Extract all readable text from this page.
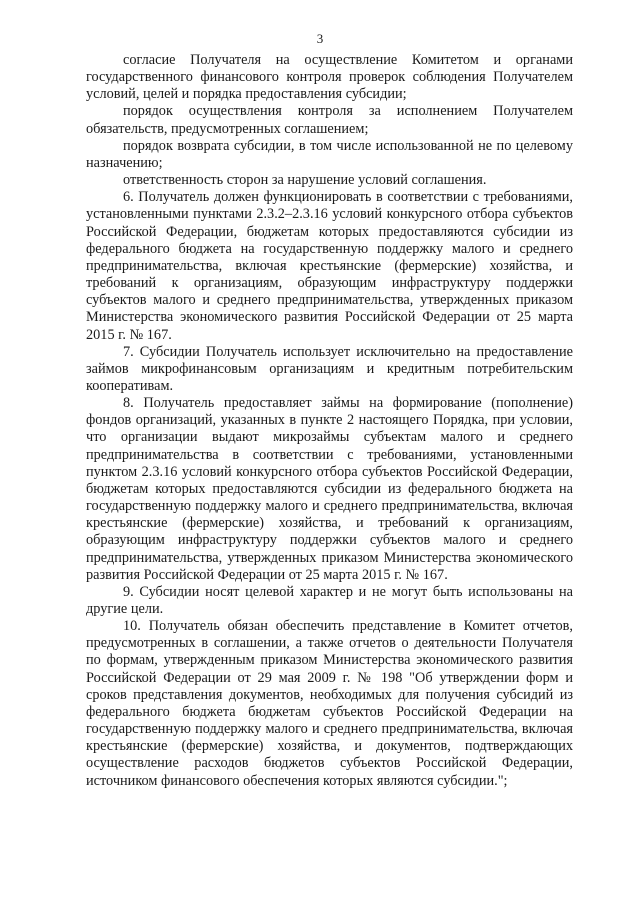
3

согласие Получателя на осуществление Комитетом и органами государственного финансового контроля проверок соблюдения Получателем условий, целей и порядка предоставления субсидии;

порядок осуществления контроля за исполнением Получателем обязательств, предусмотренных соглашением;

порядок возврата субсидии, в том числе использованной не по целевому назначению;

ответственность сторон за нарушение условий соглашения.

6. Получатель должен функционировать в соответствии с требованиями, установленными пунктами 2.3.2–2.3.16 условий конкурсного отбора субъектов Российской Федерации, бюджетам которых предоставляются субсидии из федерального бюджета на государственную поддержку малого и среднего предпринимательства, включая крестьянские (фермерские) хозяйства, и требований к организациям, образующим инфраструктуру поддержки субъектов малого и среднего предпринимательства, утвержденных приказом Министерства экономического развития Российской Федерации от 25 марта 2015 г. № 167.

7. Субсидии Получатель использует исключительно на предоставление займов микрофинансовым организациям и кредитным потребительским кооперативам.

8. Получатель предоставляет займы на формирование (пополнение) фондов организаций, указанных в пункте 2 настоящего Порядка, при условии, что организации выдают микрозаймы субъектам малого и среднего предпринимательства в соответствии с требованиями, установленными пунктом 2.3.16 условий конкурсного отбора субъектов Российской Федерации, бюджетам которых предоставляются субсидии из федерального бюджета на государственную поддержку малого и среднего предпринимательства, включая крестьянские (фермерские) хозяйства, и требований к организациям, образующим инфраструктуру поддержки субъектов малого и среднего предпринимательства, утвержденных приказом Министерства экономического развития Российской Федерации от 25 марта 2015 г. № 167.

9. Субсидии носят целевой характер и не могут быть использованы на другие цели.

10. Получатель обязан обеспечить представление в Комитет отчетов, предусмотренных в соглашении, а также отчетов о деятельности Получателя по формам, утвержденным приказом Министерства экономического развития Российской Федерации от 29 мая 2009 г. № 198 "Об утверждении форм и сроков представления документов, необходимых для получения субсидий из федерального бюджета бюджетам субъектов Российской Федерации на государственную поддержку малого и среднего предпринимательства, включая крестьянские (фермерские) хозяйства, и документов, подтверждающих осуществление расходов бюджетов субъектов Российской Федерации, источником финансового обеспечения которых являются субсидии.";
